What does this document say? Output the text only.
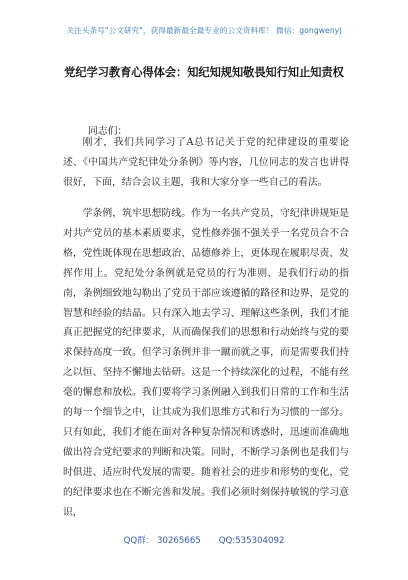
关注头条号"公文研究"，获得最新最全最专业的公文资料库！ 微信：gongwenyj
党纪学习教育心得体会：知纪知规知敬畏知行知止知责权
同志们：

刚才，我们共同学习了A总书记关于党的纪律建设的重要论述、《中国共产党纪律处分条例》等内容，几位同志的发言也讲得很好，下面，结合会议主题，我和大家分享一些自己的看法。

学条例，筑牢思想防线。作为一名共产党员，守纪律讲规矩是对共产党员的基本素质要求，党性修养强不强关乎一名党员合不合格，党性既体现在思想政治、品德修养上，更体现在履职尽责、发挥作用上。党纪处分条例就是党员的行为准则，是我们行动的指南，条例细致地勾勒出了党员干部应该遵循的路径和边界，是党的智慧和经验的结晶。只有深入地去学习、理解这些条例，我们才能真正把握党的纪律要求，从而确保我们的思想和行动始终与党的要求保持高度一致。但学习条例并非一蹴而就之事，而是需要我们持之以恒、坚持不懈地去钻研。这是一个持续深化的过程，不能有丝毫的懈怠和放松。我们要将学习条例融入到我们日常的工作和生活的每一个细节之中，让其成为我们思维方式和行为习惯的一部分。只有如此，我们才能在面对各种复杂情况和诱惑时，迅速而准确地做出符合党纪要求的判断和决策。同时，不断学习条例也是我们与时俱进、适应时代发展的需要。随着社会的进步和形势的变化，党的纪律要求也在不断完善和发展。我们必须时刻保持敏锐的学习意识，

QQ群： 30265665 QQ:535304092
